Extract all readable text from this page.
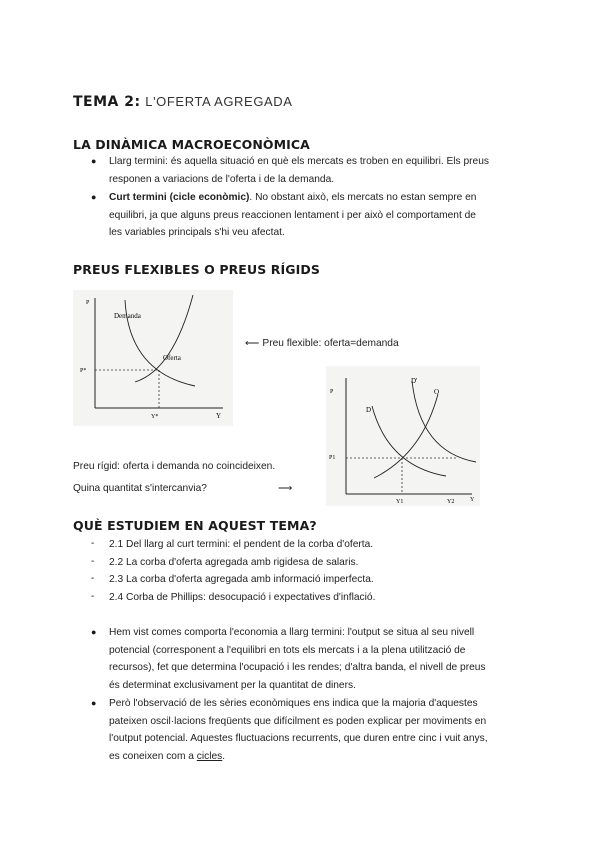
TEMA 2: L'OFERTA AGREGADA
LA DINÀMICA MACROECONÒMICA
● Llarg termini: és aquella situació en què els mercats es troben en equilibri. Els preus
responen a variacions de l'oferta i de la demanda.
● Curt termini (cicle econòmic). No obstant això, els mercats no estan sempre en
equilibri, ja que alguns preus reaccionen lentament i per això el comportament de
les variables principals s'hi veu afectat.
PREUS FLEXIBLES O PREUS RÍGIDS
P
Demanda
Oferta
P*
Y*	Y
⟵ Preu flexible: oferta=demanda
P
D
D'
O
P1
Y1	Y2	Y
Preu rígid: oferta i demanda no coincideixen.
Quina quantitat s'intercanvia?	⟶
QUÈ ESTUDIEM EN AQUEST TEMA?
- 2.1 Del llarg al curt termini: el pendent de la corba d'oferta.
- 2.2 La corba d'oferta agregada amb rigidesa de salaris.
- 2.3 La corba d'oferta agregada amb informació imperfecta.
- 2.4 Corba de Phillips: desocupació i expectatives d'inflació.
● Hem vist comes comporta l'economia a llarg termini: l'output se situa al seu nivell
potencial (corresponent a l'equilibri en tots els mercats i a la plena utilització de
recursos), fet que determina l'ocupació i les rendes; d'altra banda, el nivell de preus
és determinat exclusivament per la quantitat de diners.
● Però l'observació de les sèries econòmiques ens indica que la majoria d'aquestes
pateixen oscil·lacions freqüents que difícilment es poden explicar per moviments en
l'output potencial. Aquestes fluctuacions recurrents, que duren entre cinc i vuit anys,
es coneixen com a cicles.
